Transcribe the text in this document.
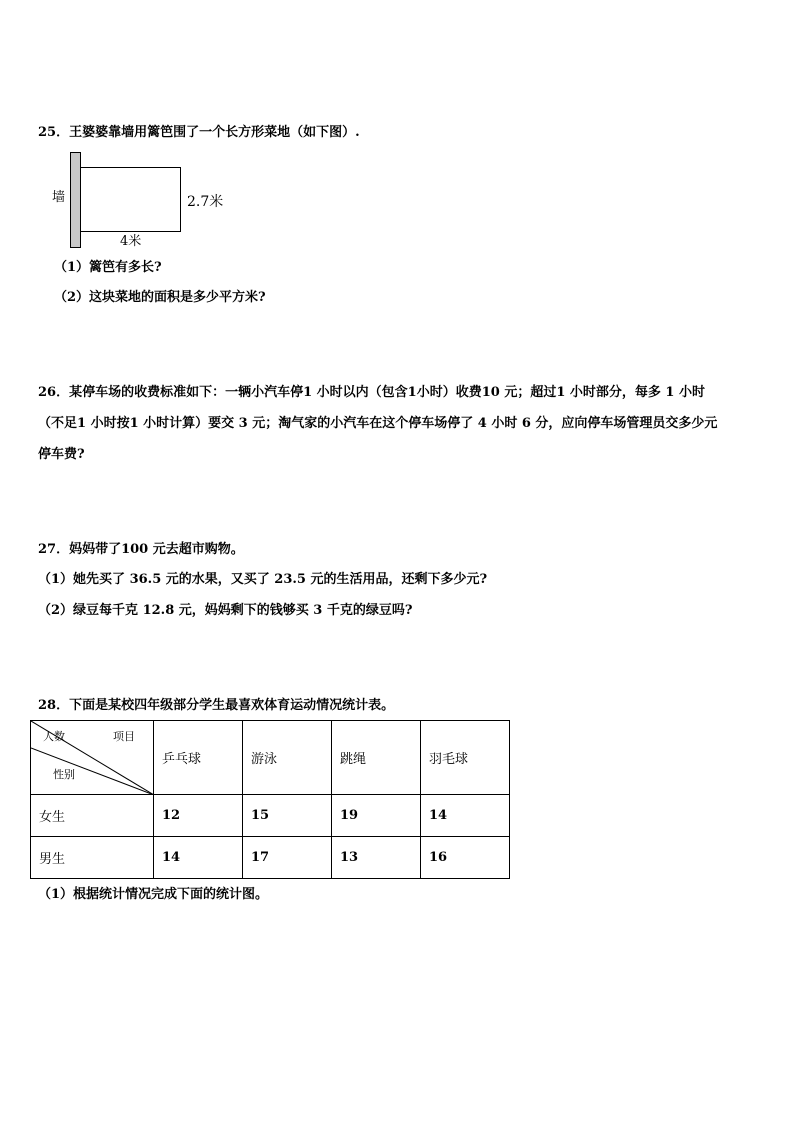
25．王婆婆靠墙用篱笆围了一个长方形菜地（如下图）.
墙	2.7米
4米
（1）篱笆有多长?
（2）这块菜地的面积是多少平方米?
26．某停车场的收费标准如下：一辆小汽车停1 小时以内（包含1小时）收费10 元；超过1 小时部分，每多 1 小时
（不足1 小时按1 小时计算）要交 3 元；淘气家的小汽车在这个停车场停了 4 小时 6 分，应向停车场管理员交多少元
停车费?
27．妈妈带了100 元去超市购物。
（1）她先买了 36.5 元的水果，又买了 23.5 元的生活用品，还剩下多少元?
（2）绿豆每千克 12.8 元，妈妈剩下的钱够买 3 千克的绿豆吗?
28．下面是某校四年级部分学生最喜欢体育运动情况统计表。
人数 项目
性别	乒乓球	游泳	跳绳	羽毛球
女生	12	15	19	14
男生	14	17	13	16
（1）根据统计情况完成下面的统计图。
